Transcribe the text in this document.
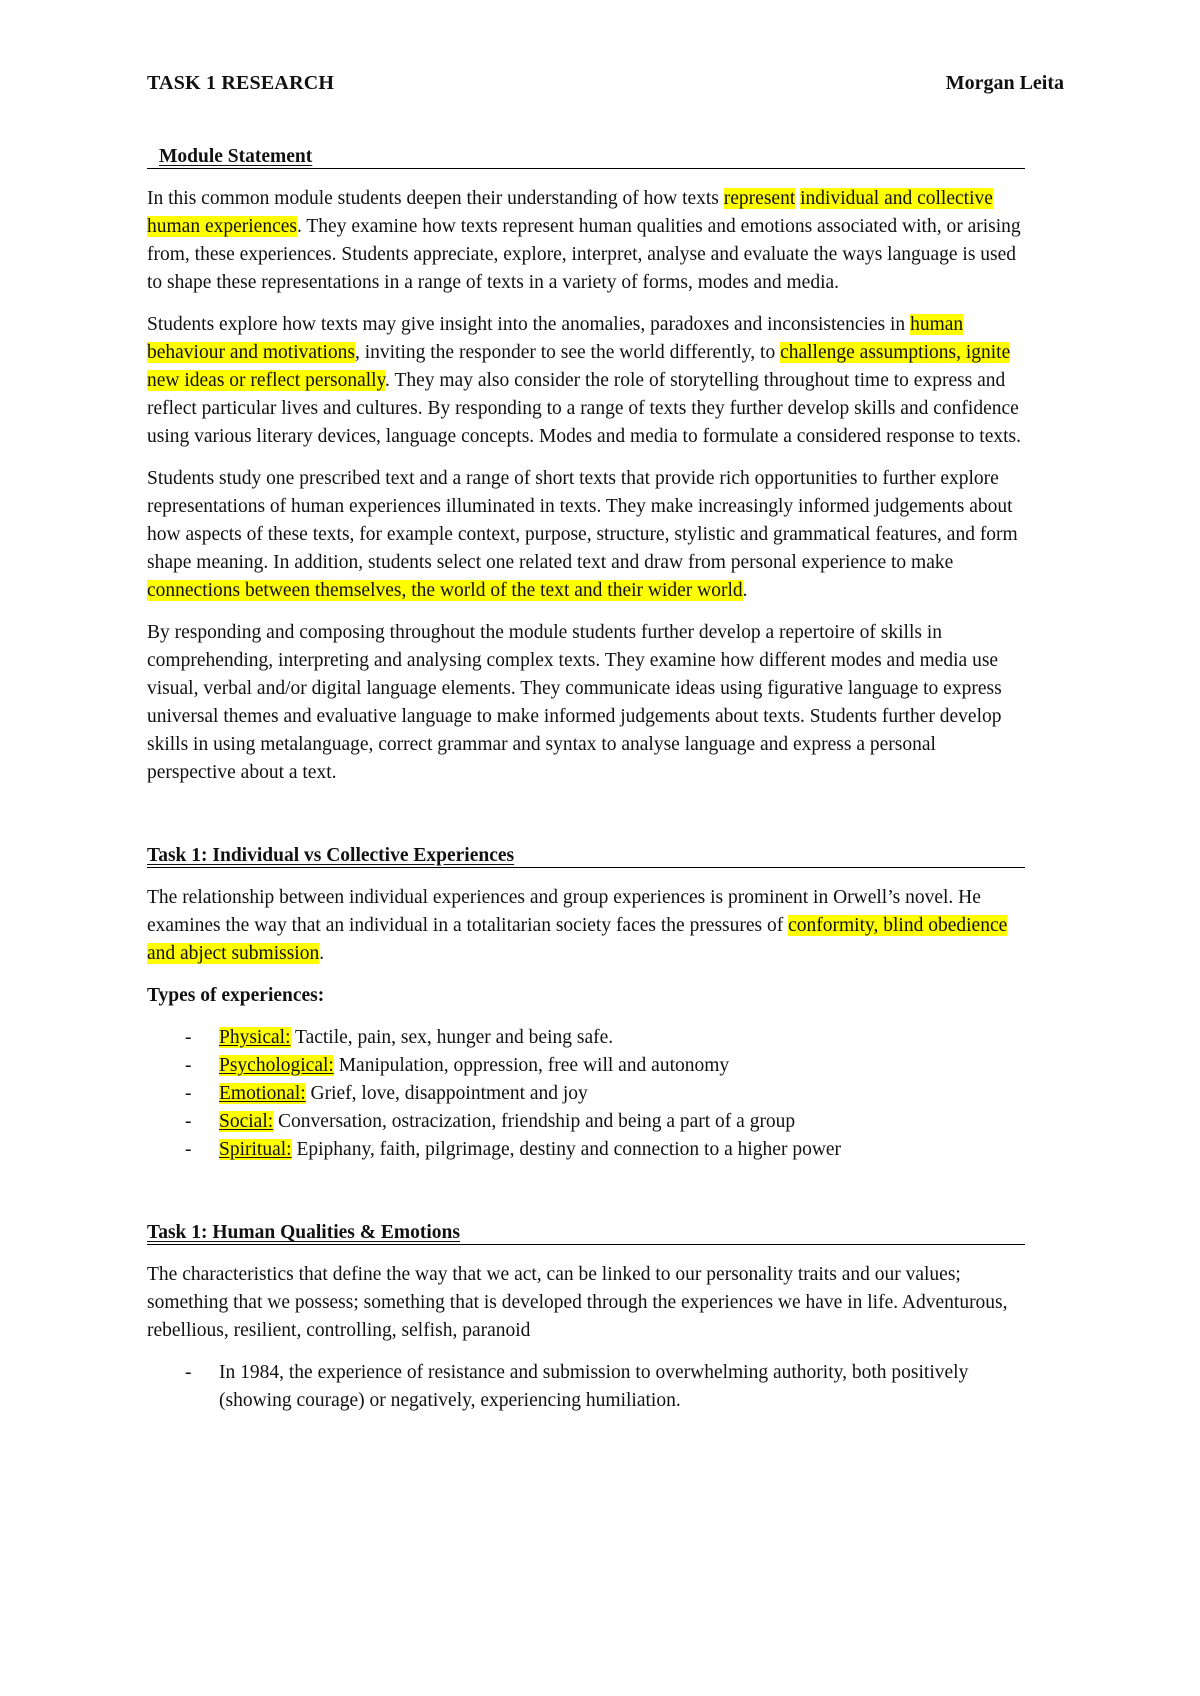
TASK 1 RESEARCH	Morgan Leita
Module Statement

In this common module students deepen their understanding of how texts represent individual and collective human experiences. They examine how texts represent human qualities and emotions associated with, or arising from, these experiences. Students appreciate, explore, interpret, analyse and evaluate the ways language is used to shape these representations in a range of texts in a variety of forms, modes and media.

Students explore how texts may give insight into the anomalies, paradoxes and inconsistencies in human behaviour and motivations, inviting the responder to see the world differently, to challenge assumptions, ignite new ideas or reflect personally. They may also consider the role of storytelling throughout time to express and reflect particular lives and cultures. By responding to a range of texts they further develop skills and confidence using various literary devices, language concepts. Modes and media to formulate a considered response to texts.

Students study one prescribed text and a range of short texts that provide rich opportunities to further explore representations of human experiences illuminated in texts. They make increasingly informed judgements about how aspects of these texts, for example context, purpose, structure, stylistic and grammatical features, and form shape meaning. In addition, students select one related text and draw from personal experience to make connections between themselves, the world of the text and their wider world.

By responding and composing throughout the module students further develop a repertoire of skills in comprehending, interpreting and analysing complex texts. They examine how different modes and media use visual, verbal and/or digital language elements. They communicate ideas using figurative language to express universal themes and evaluative language to make informed judgements about texts. Students further develop skills in using metalanguage, correct grammar and syntax to analyse language and express a personal perspective about a text.

Task 1: Individual vs Collective Experiences

The relationship between individual experiences and group experiences is prominent in Orwell’s novel. He examines the way that an individual in a totalitarian society faces the pressures of conformity, blind obedience and abject submission.

Types of experiences:
- Physical: Tactile, pain, sex, hunger and being safe.
- Psychological: Manipulation, oppression, free will and autonomy
- Emotional: Grief, love, disappointment and joy
- Social: Conversation, ostracization, friendship and being a part of a group
- Spiritual: Epiphany, faith, pilgrimage, destiny and connection to a higher power
Task 1: Human Qualities & Emotions

The characteristics that define the way that we act, can be linked to our personality traits and our values; something that we possess; something that is developed through the experiences we have in life. Adventurous, rebellious, resilient, controlling, selfish, paranoid

- In 1984, the experience of resistance and submission to overwhelming authority, both positively (showing courage) or negatively, experiencing humiliation.
